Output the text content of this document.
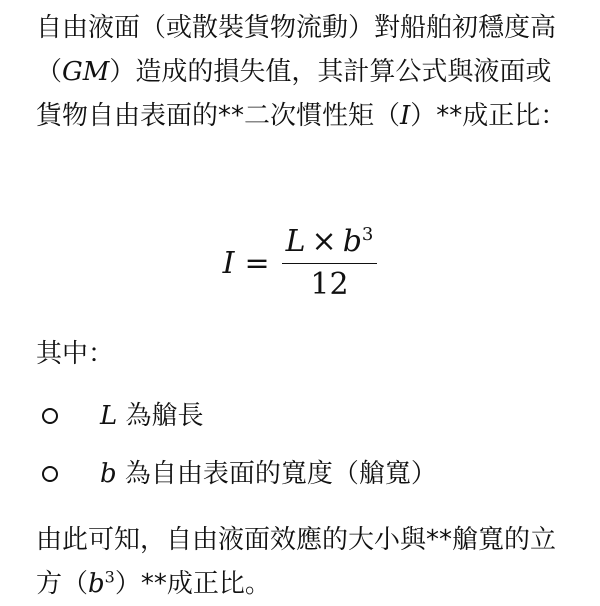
自由液面（或散裝貨物流動）對船舶初穩度高（GM）造成的損失值，其計算公式與液面或貨物自由表面的**二次慣性矩（I）**成正比：

$I = \frac{L \times b^3}{12}$

其中：

L 為艙長
b 為自由表面的寬度（艙寬）

由此可知，自由液面效應的大小與**艙寬的立方$(b^3)**$成正比。
